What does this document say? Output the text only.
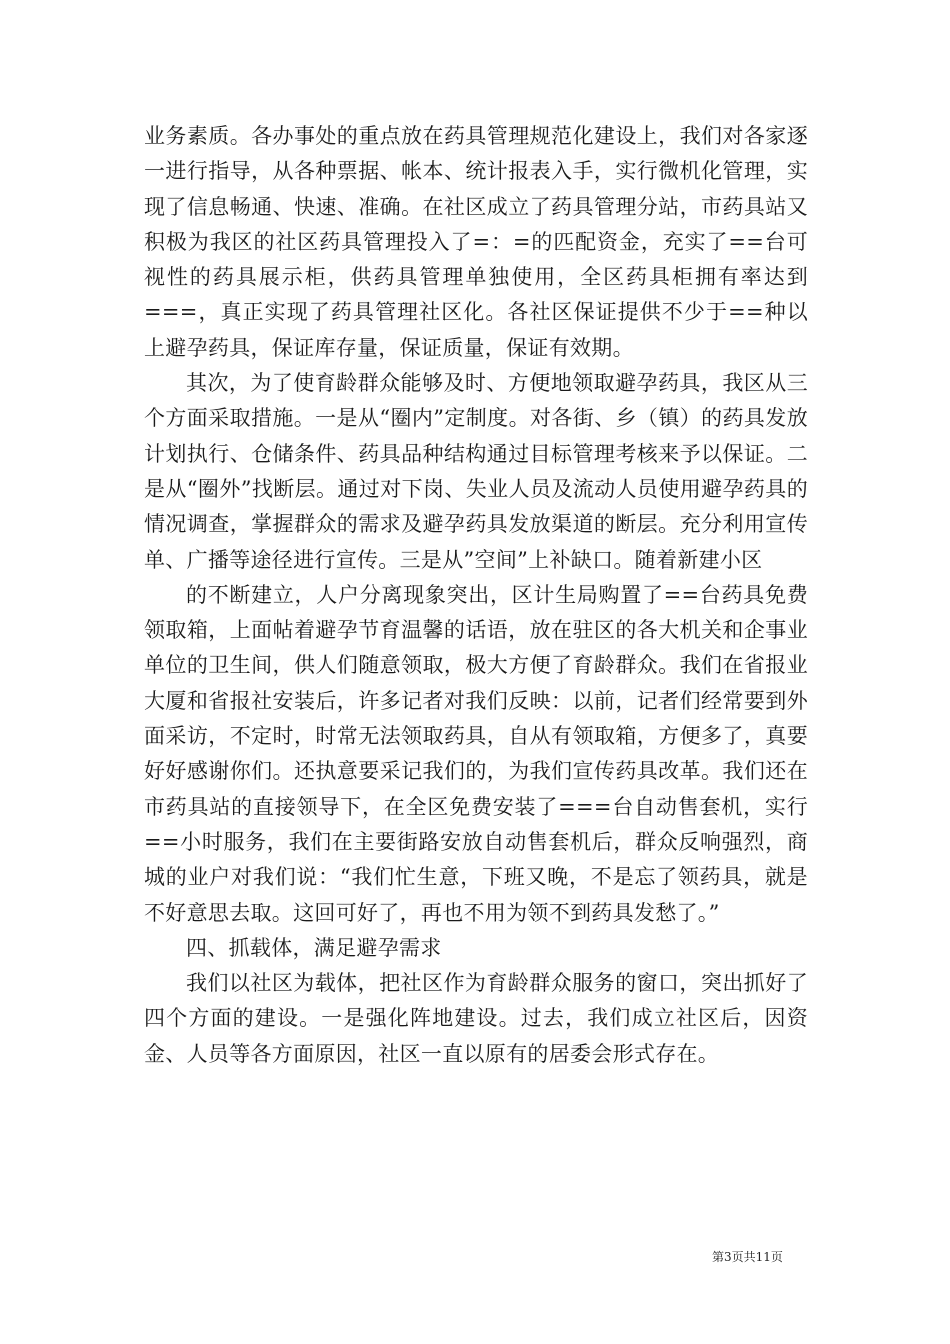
业务素质。各办事处的重点放在药具管理规范化建设上，我们对各家逐一进行指导，从各种票据、帐本、统计报表入手，实行微机化管理，实现了信息畅通、快速、准确。在社区成立了药具管理分站，市药具站又积极为我区的社区药具管理投入了=：=的匹配资金，充实了==台可视性的药具展示柜，供药具管理单独使用，全区药具柜拥有率达到===，真正实现了药具管理社区化。各社区保证提供不少于==种以上避孕药具，保证库存量，保证质量，保证有效期。

其次，为了使育龄群众能够及时、方便地领取避孕药具，我区从三个方面采取措施。一是从“圈内”定制度。对各街、乡（镇）的药具发放计划执行、仓储条件、药具品种结构通过目标管理考核来予以保证。二是从“圈外”找断层。通过对下岗、失业人员及流动人员使用避孕药具的情况调查，掌握群众的需求及避孕药具发放渠道的断层。充分利用宣传单、广播等途径进行宣传。三是从”空间”上补缺口。随着新建小区

的不断建立，人户分离现象突出，区计生局购置了==台药具免费领取箱，上面帖着避孕节育温馨的话语，放在驻区的各大机关和企事业单位的卫生间，供人们随意领取，极大方便了育龄群众。我们在省报业大厦和省报社安装后，许多记者对我们反映：以前，记者们经常要到外面采访，不定时，时常无法领取药具，自从有领取箱，方便多了，真要好好感谢你们。还执意要采记我们的，为我们宣传药具改革。我们还在市药具站的直接领导下，在全区免费安装了===台自动售套机，实行==小时服务，我们在主要街路安放自动售套机后，群众反响强烈，商城的业户对我们说：“我们忙生意，下班又晚，不是忘了领药具，就是不好意思去取。这回可好了，再也不用为领不到药具发愁了。”

四、抓载体，满足避孕需求

我们以社区为载体，把社区作为育龄群众服务的窗口，突出抓好了四个方面的建设。一是强化阵地建设。过去，我们成立社区后，因资金、人员等各方面原因，社区一直以原有的居委会形式存在。

第3页共11页
